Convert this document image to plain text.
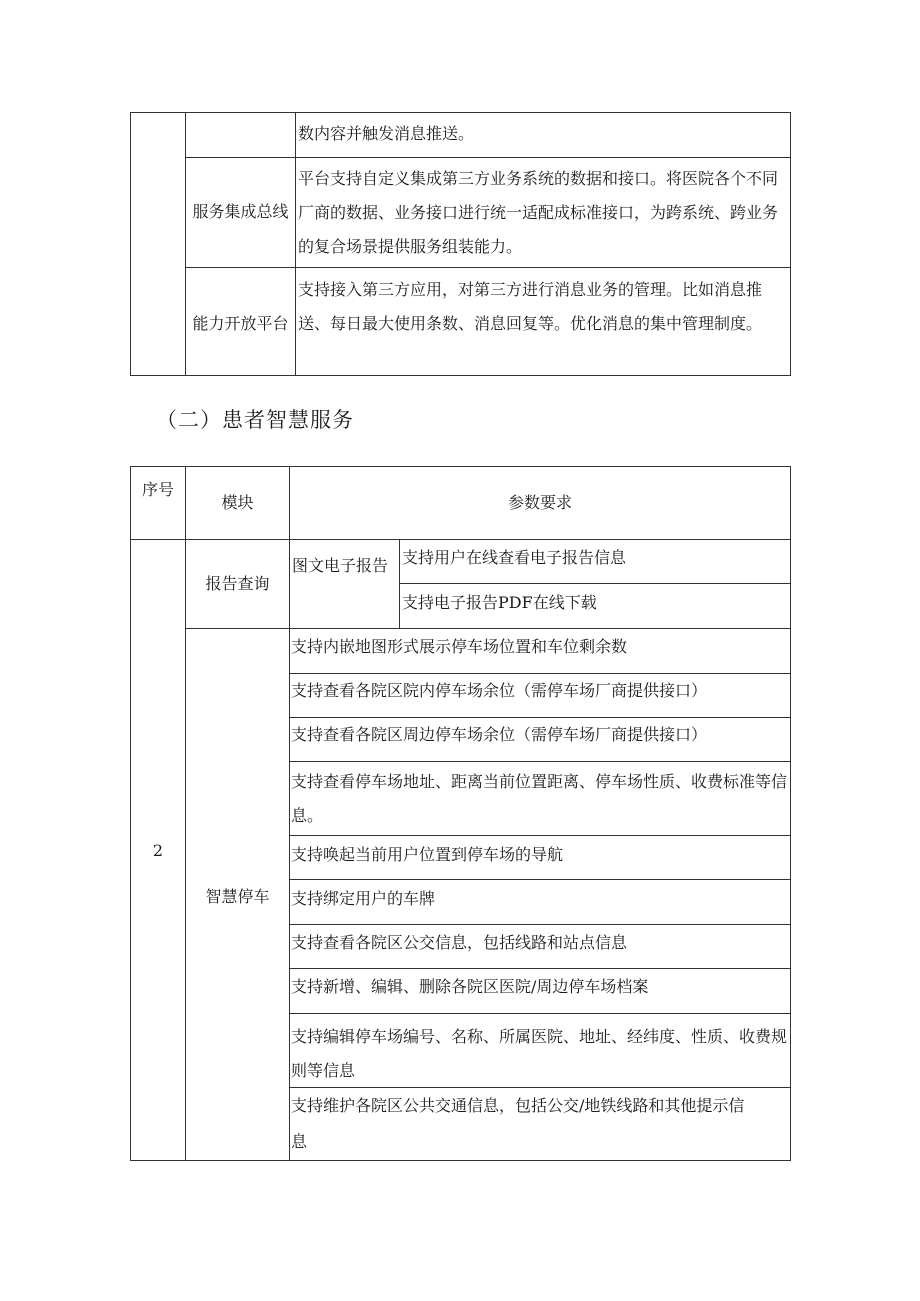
数内容并触发消息推送。
服务集成总线
平台支持自定义集成第三方业务系统的数据和接口。将医院各个不同厂商的数据、业务接口进行统一适配成标准接口，为跨系统、跨业务的复合场景提供服务组装能力。
能力开放平台
支持接入第三方应用，对第三方进行消息业务的管理。比如消息推送、每日最大使用条数、消息回复等。优化消息的集中管理制度。
（二）患者智慧服务
序号
模块	参数要求
2
报告查询
图文电子报告 支持用户在线查看电子报告信息
支持电子报告PDF在线下载
智慧停车
支持内嵌地图形式展示停车场位置和车位剩余数
支持查看各院区院内停车场余位（需停车场厂商提供接口）
支持查看各院区周边停车场余位（需停车场厂商提供接口）
支持查看停车场地址、距离当前位置距离、停车场性质、收费标准等信息。
支持唤起当前用户位置到停车场的导航
支持绑定用户的车牌
支持查看各院区公交信息，包括线路和站点信息
支持新增、编辑、删除各院区医院/周边停车场档案
支持编辑停车场编号、名称、所属医院、地址、经纬度、性质、收费规则等信息
支持维护各院区公共交通信息，包括公交/地铁线路和其他提示信息
